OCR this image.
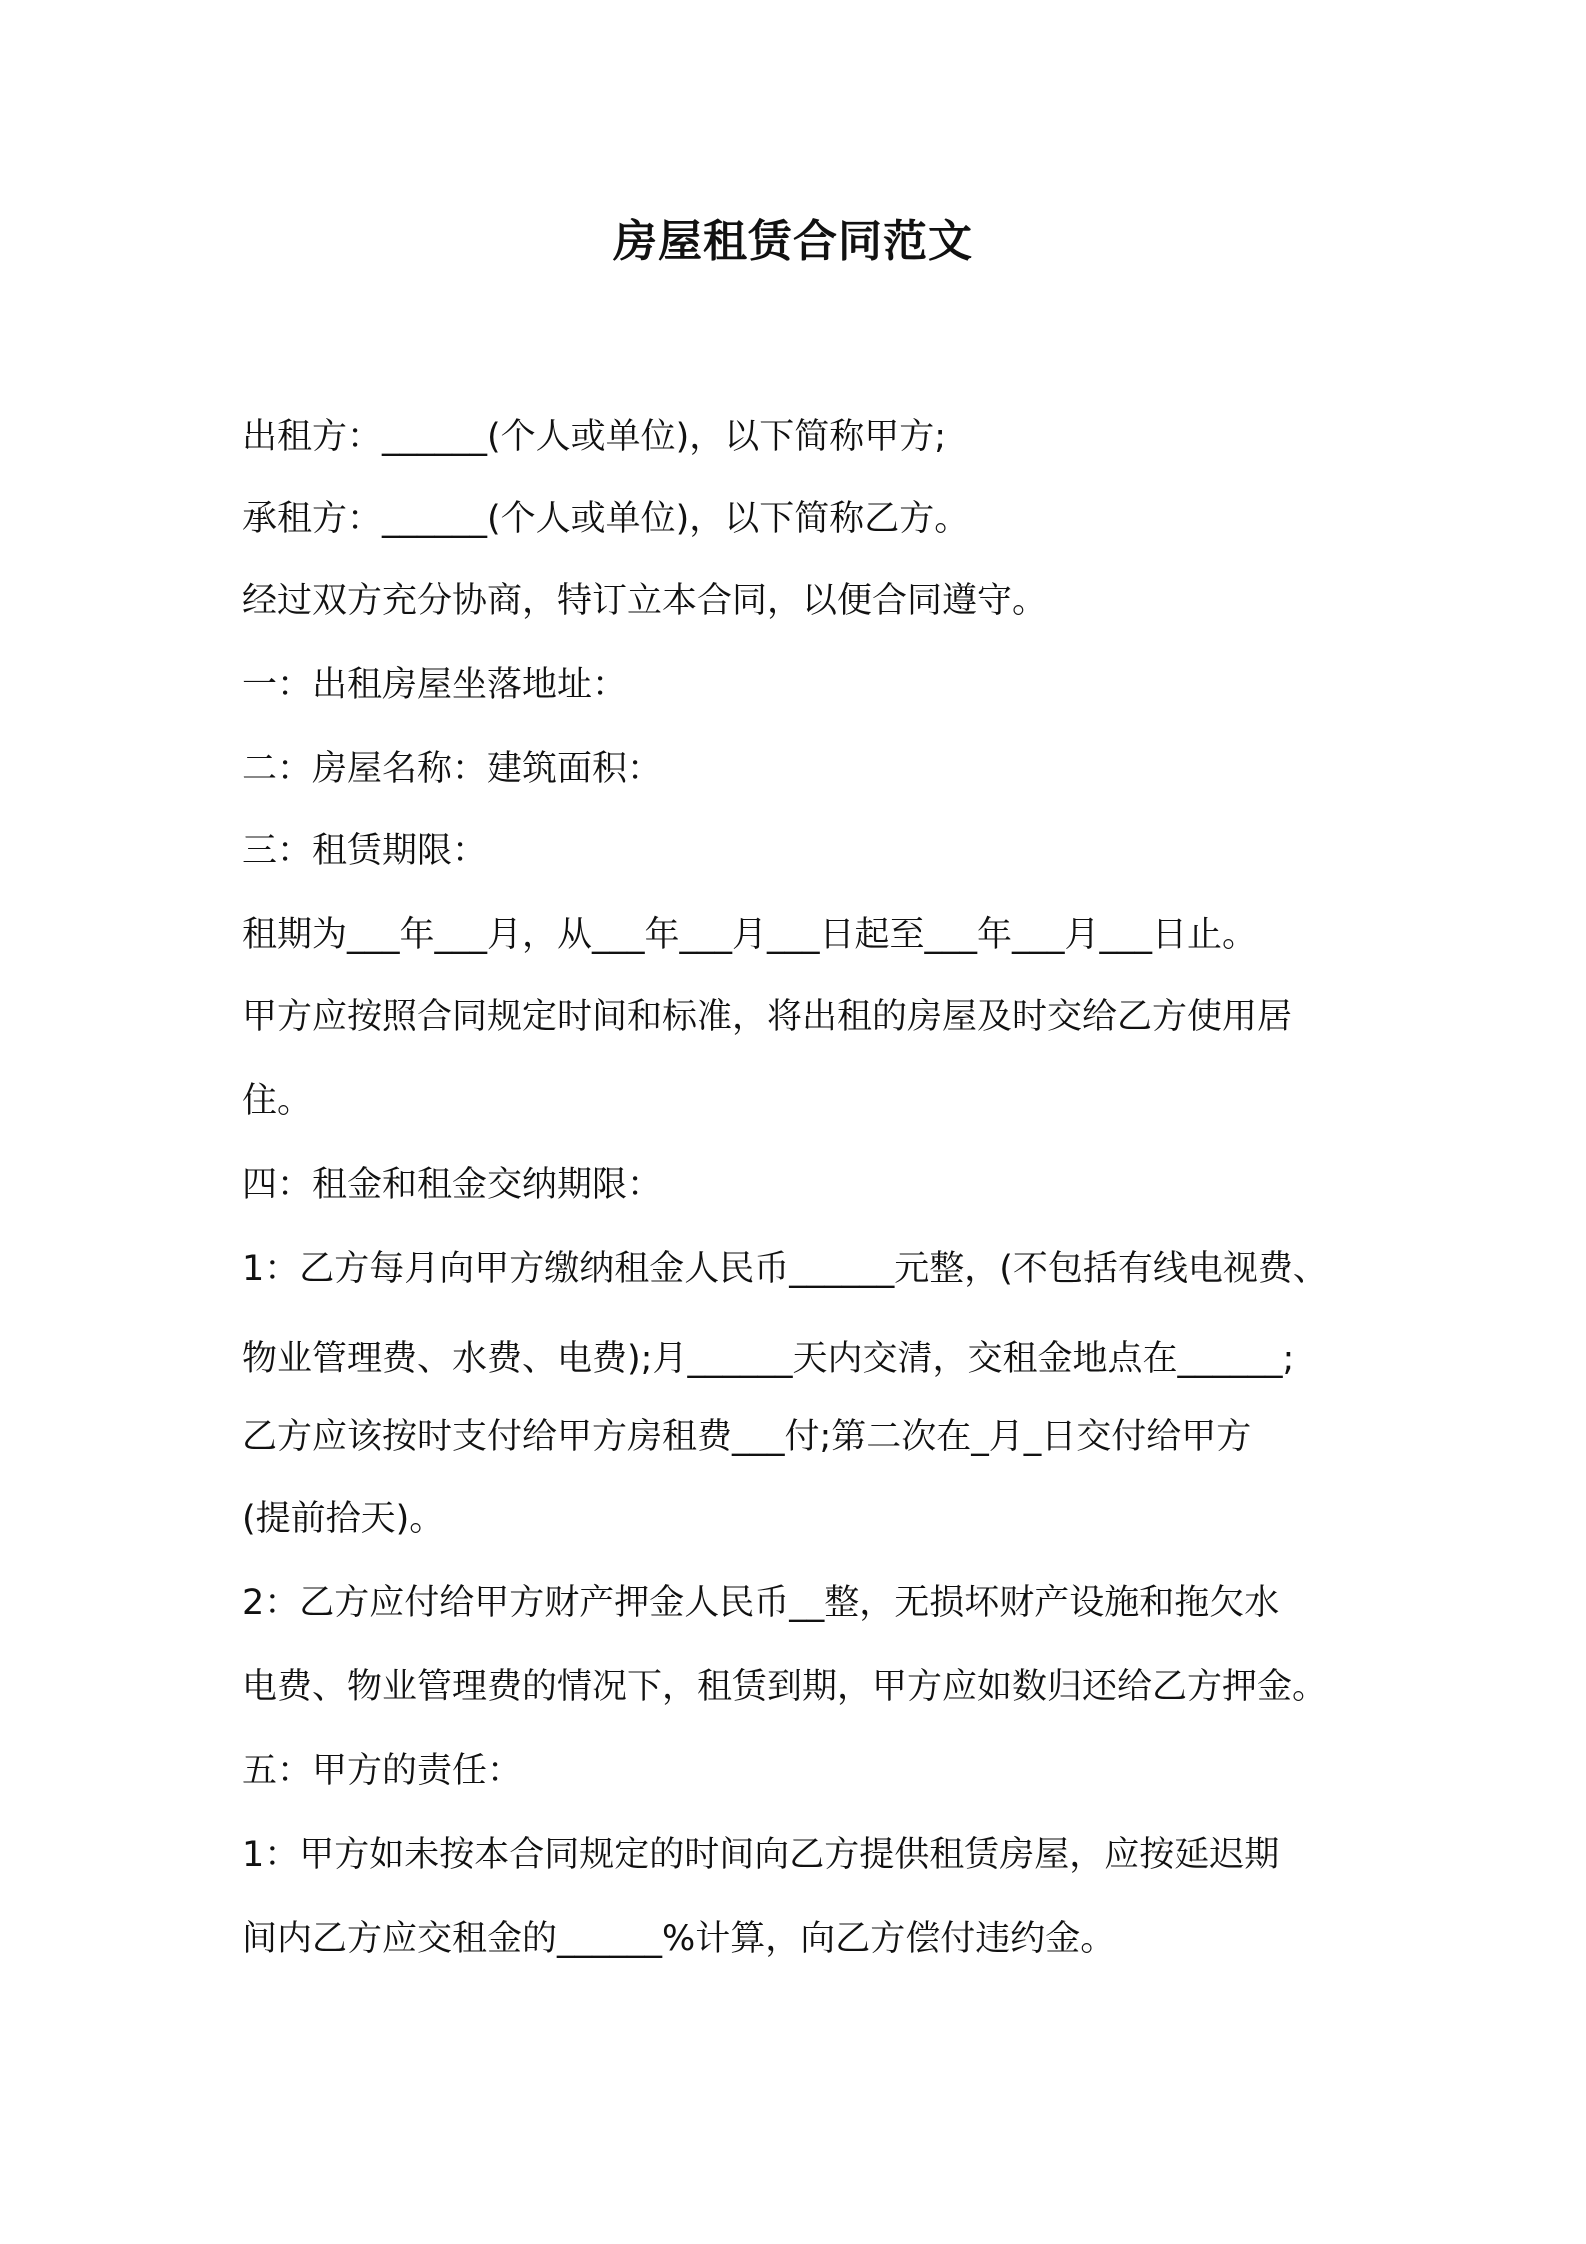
房屋租赁合同范文
出租方：______(个人或单位)，以下简称甲方;
承租方：______(个人或单位)，以下简称乙方。
经过双方充分协商，特订立本合同，以便合同遵守。
一：出租房屋坐落地址：
二：房屋名称：建筑面积：
三：租赁期限：
租期为___年___月，从___年___月___日起至___年___月___日止。
甲方应按照合同规定时间和标准，将出租的房屋及时交给乙方使用居
住。
四：租金和租金交纳期限：
1：乙方每月向甲方缴纳租金人民币______元整，(不包括有线电视费、
物业管理费、水费、电费);月______天内交清，交租金地点在______;
乙方应该按时支付给甲方房租费___付;第二次在_月_日交付给甲方
(提前拾天)。
2：乙方应付给甲方财产押金人民币__整，无损坏财产设施和拖欠水
电费、物业管理费的情况下，租赁到期，甲方应如数归还给乙方押金。
五：甲方的责任：
1：甲方如未按本合同规定的时间向乙方提供租赁房屋，应按延迟期
间内乙方应交租金的______%计算，向乙方偿付违约金。
